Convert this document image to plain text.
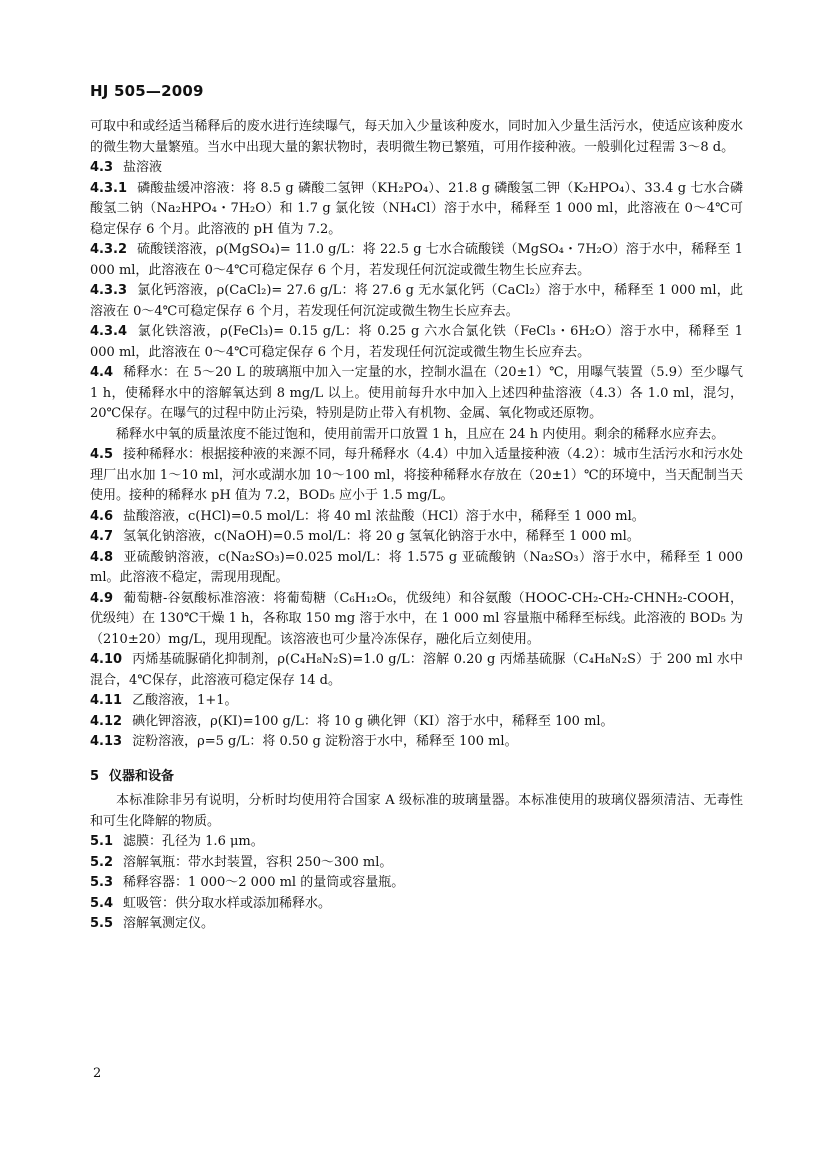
HJ 505—2009

可取中和或经适当稀释后的废水进行连续曝气，每天加入少量该种废水，同时加入少量生活污水，使适应该种废水的微生物大量繁殖。当水中出现大量的絮状物时，表明微生物已繁殖，可用作接种液。一般驯化过程需 3～8 d。

4.3 盐溶液

4.3.1 磷酸盐缓冲溶液：将 8.5 g 磷酸二氢钾（KH₂PO₄）、21.8 g 磷酸氢二钾（K₂HPO₄）、33.4 g 七水合磷酸氢二钠（Na₂HPO₄・7H₂O）和 1.7 g 氯化铵（NH₄Cl）溶于水中，稀释至 1 000 ml，此溶液在 0～4℃可稳定保存 6 个月。此溶液的 pH 值为 7.2。

4.3.2 硫酸镁溶液，ρ(MgSO₄)= 11.0 g/L：将 22.5 g 七水合硫酸镁（MgSO₄・7H₂O）溶于水中，稀释至 1 000 ml，此溶液在 0～4℃可稳定保存 6 个月，若发现任何沉淀或微生物生长应弃去。

4.3.3 氯化钙溶液，ρ(CaCl₂)= 27.6 g/L：将 27.6 g 无水氯化钙（CaCl₂）溶于水中，稀释至 1 000 ml，此溶液在 0～4℃可稳定保存 6 个月，若发现任何沉淀或微生物生长应弃去。

4.3.4 氯化铁溶液，ρ(FeCl₃)= 0.15 g/L：将 0.25 g 六水合氯化铁（FeCl₃・6H₂O）溶于水中，稀释至 1 000 ml，此溶液在 0～4℃可稳定保存 6 个月，若发现任何沉淀或微生物生长应弃去。

4.4 稀释水：在 5～20 L 的玻璃瓶中加入一定量的水，控制水温在（20±1）℃，用曝气装置（5.9）至少曝气 1 h，使稀释水中的溶解氧达到 8 mg/L 以上。使用前每升水中加入上述四种盐溶液（4.3）各 1.0 ml，混匀，20℃保存。在曝气的过程中防止污染，特别是防止带入有机物、金属、氧化物或还原物。

稀释水中氧的质量浓度不能过饱和，使用前需开口放置 1 h，且应在 24 h 内使用。剩余的稀释水应弃去。

4.5 接种稀释水：根据接种液的来源不同，每升稀释水（4.4）中加入适量接种液（4.2）：城市生活污水和污水处理厂出水加 1～10 ml，河水或湖水加 10～100 ml，将接种稀释水存放在（20±1）℃的环境中，当天配制当天使用。接种的稀释水 pH 值为 7.2，BOD₅ 应小于 1.5 mg/L。

4.6 盐酸溶液，c(HCl)=0.5 mol/L：将 40 ml 浓盐酸（HCl）溶于水中，稀释至 1 000 ml。

4.7 氢氧化钠溶液，c(NaOH)=0.5 mol/L：将 20 g 氢氧化钠溶于水中，稀释至 1 000 ml。

4.8 亚硫酸钠溶液，c(Na₂SO₃)=0.025 mol/L：将 1.575 g 亚硫酸钠（Na₂SO₃）溶于水中，稀释至 1 000 ml。此溶液不稳定，需现用现配。

4.9 葡萄糖-谷氨酸标准溶液：将葡萄糖（C₆H₁₂O₆，优级纯）和谷氨酸（HOOC-CH₂-CH₂-CHNH₂-COOH，优级纯）在 130℃干燥 1 h，各称取 150 mg 溶于水中，在 1 000 ml 容量瓶中稀释至标线。此溶液的 BOD₅ 为（210±20）mg/L，现用现配。该溶液也可少量冷冻保存，融化后立刻使用。

4.10 丙烯基硫脲硝化抑制剂，ρ(C₄H₈N₂S)=1.0 g/L：溶解 0.20 g 丙烯基硫脲（C₄H₈N₂S）于 200 ml 水中混合，4℃保存，此溶液可稳定保存 14 d。

4.11 乙酸溶液，1+1。

4.12 碘化钾溶液，ρ(KI)=100 g/L：将 10 g 碘化钾（KI）溶于水中，稀释至 100 ml。

4.13 淀粉溶液，ρ=5 g/L：将 0.50 g 淀粉溶于水中，稀释至 100 ml。

5 仪器和设备

本标准除非另有说明，分析时均使用符合国家 A 级标准的玻璃量器。本标准使用的玻璃仪器须清洁、无毒性和可生化降解的物质。

5.1 滤膜：孔径为 1.6 μm。

5.2 溶解氧瓶：带水封装置，容积 250～300 ml。

5.3 稀释容器：1 000～2 000 ml 的量筒或容量瓶。

5.4 虹吸管：供分取水样或添加稀释水。

5.5 溶解氧测定仪。

2
